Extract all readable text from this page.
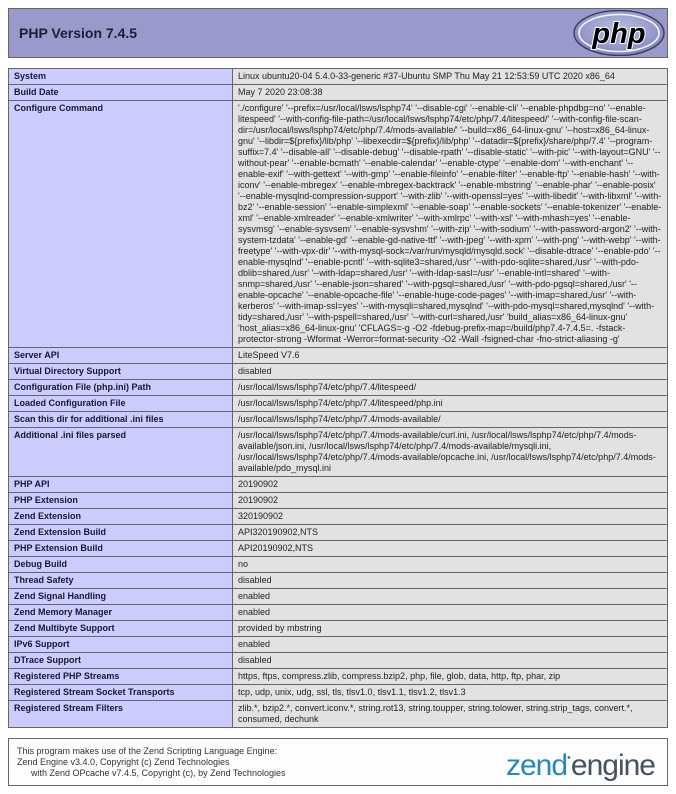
PHP Version 7.4.5	php
System	Linux ubuntu20-04 5.4.0-33-generic #37-Ubuntu SMP Thu May 21 12:53:59 UTC 2020 x86_64
Build Date	May 7 2020 23:08:38
Configure Command	'./configure' '--prefix=/usr/local/lsws/lsphp74' '--disable-cgi' '--enable-cli' '--enable-phpdbg=no' '--enable-litespeed' '--with-config-file-path=/usr/local/lsws/lsphp74/etc/php/7.4/litespeed/' '--with-config-file-scan-dir=/usr/local/lsws/lsphp74/etc/php/7.4/mods-available/' '--build=x86_64-linux-gnu' '--host=x86_64-linux-gnu' '--libdir=${prefix}/lib/php' '--libexecdir=${prefix}/lib/php' '--datadir=${prefix}/share/php/7.4' '--program-suffix=7.4' '--disable-all' '--disable-debug' '--disable-rpath' '--disable-static' '--with-pic' '--with-layout=GNU' '--without-pear' '--enable-bcmath' '--enable-calendar' '--enable-ctype' '--enable-dom' '--with-enchant' '--enable-exif' '--with-gettext' '--with-gmp' '--enable-fileinfo' '--enable-filter' '--enable-ftp' '--enable-hash' '--with-iconv' '--enable-mbregex' '--enable-mbregex-backtrack' '--enable-mbstring' '--enable-phar' '--enable-posix' '--enable-mysqlnd-compression-support' '--with-zlib' '--with-openssl=yes' '--with-libedit' '--with-libxml' '--with-bz2' '--enable-session' '--enable-simplexml' '--enable-soap' '--enable-sockets' '--enable-tokenizer' '--enable-xml' '--enable-xmlreader' '--enable-xmlwriter' '--with-xmlrpc' '--with-xsl' '--with-mhash=yes' '--enable-sysvmsg' '--enable-sysvsem' '--enable-sysvshm' '--with-zip' '--with-sodium' '--with-password-argon2' '--with-system-tzdata' '--enable-gd' '--enable-gd-native-ttf' '--with-jpeg' '--with-xpm' '--with-png' '--with-webp' '--with-freetype' '--with-vpx-dir' '--with-mysql-sock=/var/run/mysqld/mysqld.sock' '--disable-dtrace' '--enable-pdo' '--enable-mysqlnd' '--enable-pcntl' '--with-sqlite3=shared,/usr' '--with-pdo-sqlite=shared,/usr' '--with-pdo-dblib=shared,/usr' '--with-ldap=shared,/usr' '--with-ldap-sasl=/usr' '--enable-intl=shared' '--with-snmp=shared,/usr' '--enable-json=shared' '--with-pgsql=shared,/usr' '--with-pdo-pgsql=shared,/usr' '--enable-opcache' '--enable-opcache-file' '--enable-huge-code-pages' '--with-imap=shared,/usr' '--with-kerberos' '--with-imap-ssl=yes' '--with-mysqli=shared,mysqlnd' '--with-pdo-mysql=shared,mysqlnd' '--with-tidy=shared,/usr' '--with-pspell=shared,/usr' '--with-curl=shared,/usr' 'build_alias=x86_64-linux-gnu' 'host_alias=x86_64-linux-gnu' 'CFLAGS=-g -O2 -fdebug-prefix-map=/build/php7.4-7.4.5=. -fstack-protector-strong -Wformat -Werror=format-security -O2 -Wall -fsigned-char -fno-strict-aliasing -g'
Server API	LiteSpeed V7.6
Virtual Directory Support	disabled
Configuration File (php.ini) Path	/usr/local/lsws/lsphp74/etc/php/7.4/litespeed/
Loaded Configuration File	/usr/local/lsws/lsphp74/etc/php/7.4/litespeed/php.ini
Scan this dir for additional .ini files	/usr/local/lsws/lsphp74/etc/php/7.4/mods-available/
Additional .ini files parsed	/usr/local/lsws/lsphp74/etc/php/7.4/mods-available/curl.ini, /usr/local/lsws/lsphp74/etc/php/7.4/mods-available/json.ini, /usr/local/lsws/lsphp74/etc/php/7.4/mods-available/mysqli.ini, /usr/local/lsws/lsphp74/etc/php/7.4/mods-available/opcache.ini, /usr/local/lsws/lsphp74/etc/php/7.4/mods-available/pdo_mysql.ini
PHP API	20190902
PHP Extension	20190902
Zend Extension	320190902
Zend Extension Build	API320190902,NTS
PHP Extension Build	API20190902,NTS
Debug Build	no
Thread Safety	disabled
Zend Signal Handling	enabled
Zend Memory Manager	enabled
Zend Multibyte Support	provided by mbstring
IPv6 Support	enabled
DTrace Support	disabled
Registered PHP Streams	https, ftps, compress.zlib, compress.bzip2, php, file, glob, data, http, ftp, phar, zip
Registered Stream Socket Transports	tcp, udp, unix, udg, ssl, tls, tlsv1.0, tlsv1.1, tlsv1.2, tlsv1.3
Registered Stream Filters	zlib.*, bzip2.*, convert.iconv.*, string.rot13, string.toupper, string.tolower, string.strip_tags, convert.*, consumed, dechunk
This program makes use of the Zend Scripting Language Engine:
Zend Engine v3.4.0, Copyright (c) Zend Technologies
with Zend OPcache v7.4.5, Copyright (c), by Zend Technologies	zend•engine
